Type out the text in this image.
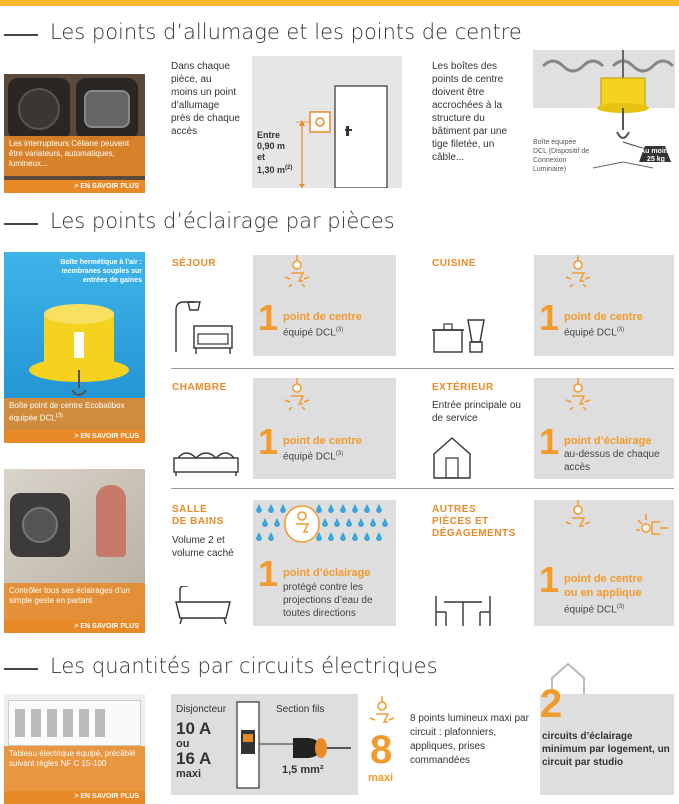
Les points d’allumage et les points de centre
Les interrupteurs Céliane peuvent être variateurs, automatiques, lumineux...
> EN SAVOIR PLUS
Dans chaque pièce, au moins un point d’allumage près de chaque accès	Entre
0,90 m
et
1,30 $m^{(2)}$
Les boîtes des points de centre doivent être accrochées à la structure du bâtiment par une tige filetée, un câble...
Boîte équipée DCL (Dispositif de Connexion Luminaire)
Au moins 25 kg
Les points d’éclairage par pièces
Boîte hermétique à l’air : membranes souples sur entrées de gaines
Boîte point de centre Ecobatibox équipée $DCL^{(3)}$
> EN SAVOIR PLUS
Contrôler tous ses éclairages d’un simple geste en partant
> EN SAVOIR PLUS
SÉJOUR
1 point de centre
équipé DCL$^{(3)}$
CUISINE
1 point de centre
équipé DCL$^{(3)}$
CHAMBRE
1 point de centre
équipé DCL$^{(3)}$
EXTÉRIEUR
Entrée principale ou de service
1 point d’éclairage
au-dessus de chaque accès
SALLE
DE BAINS
Volume 2 et volume caché 1 point d’éclairage
protégé contre les projections d’eau de toutes directions
AUTRES
PIÈCES ET
DÉGAGEMENTS
1 point de centre
ou en applique
équipé DCL$^{(3)}$
Les quantités par circuits électriques
Tableau électrique équipé, précâblé suivant règles NF C 15-100
> EN SAVOIR PLUS
Disjoncteur
10 A
ou
16 A
maxi
Section fils
1,5 mm² 8
maxi
8 points lumineux maxi par circuit : plafonniers, appliques, prises commandées
2
circuits d’éclairage minimum par logement, un circuit par studio
